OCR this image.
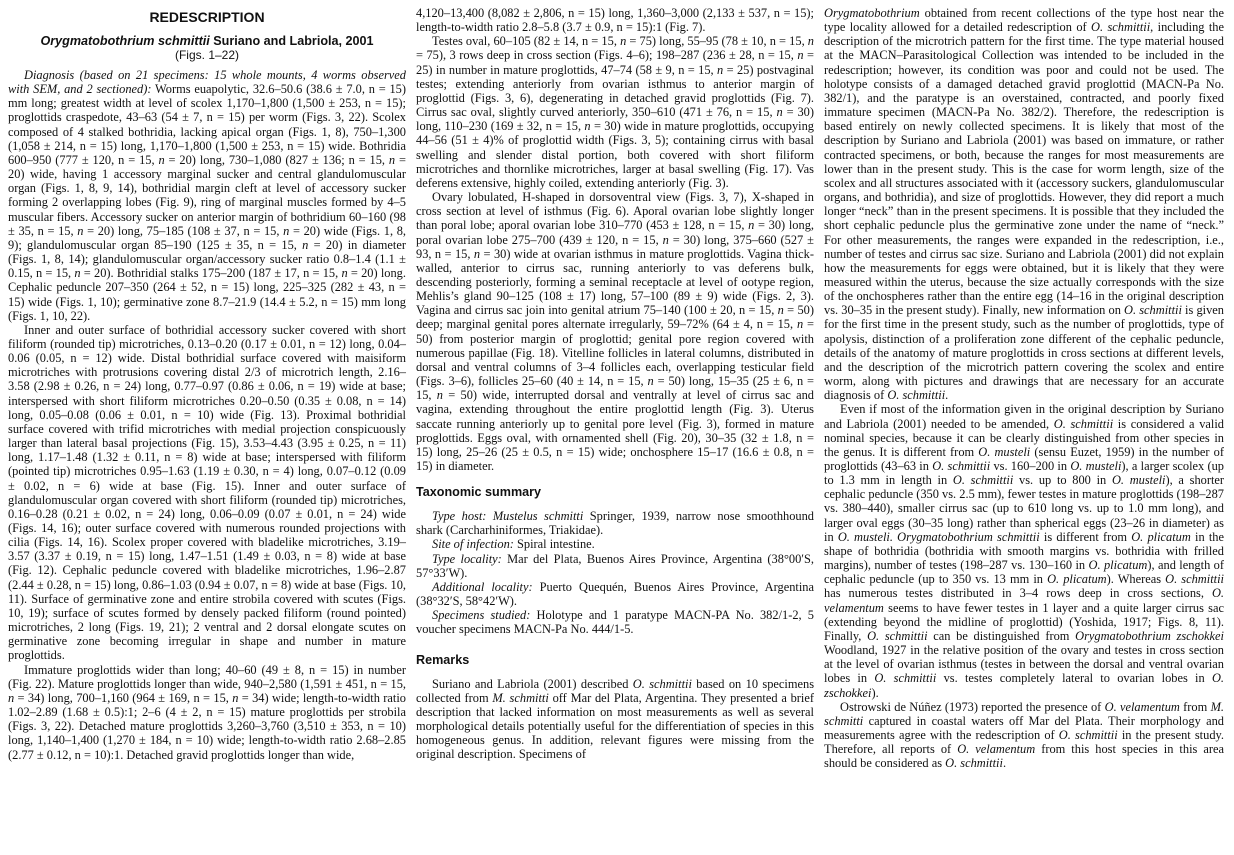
REDESCRIPTION
Orygmatobothrium schmittii Suriano and Labriola, 2001
(Figs. 1–22)

Diagnosis (based on 21 specimens: 15 whole mounts, 4 worms observed with SEM, and 2 sectioned): Worms euapolytic, 32.6–50.6 (38.6 ± 7.0, n = 15) mm long; greatest width at level of scolex 1,170–1,800 (1,500 ± 253, n = 15); proglottids craspedote, 43–63 (54 ± 7, n = 15) per worm (Figs. 3, 22). Scolex composed of 4 stalked bothridia, lacking apical organ (Figs. 1, 8), 750–1,300 (1,058 ± 214, n = 15) long, 1,170–1,800 (1,500 ± 253, n = 15) wide. Bothridia 600–950 (777 ± 120, n = 15, n = 20) long, 730–1,080 (827 ± 136; n = 15, n = 20) wide, having 1 accessory marginal sucker and central glandulomuscular organ (Figs. 1, 8, 9, 14), bothridial margin cleft at level of accessory sucker forming 2 overlapping lobes (Fig. 9), ring of marginal muscles formed by 4–5 muscular fibers. Accessory sucker on anterior margin of bothridium 60–160 (98 ± 35, n = 15, n = 20) long, 75–185 (108 ± 37, n = 15, n = 20) wide (Figs. 1, 8, 9); glandulomuscular organ 85–190 (125 ± 35, n = 15, n = 20) in diameter (Figs. 1, 8, 14); glandulomuscular organ/accessory sucker ratio 0.8–1.4 (1.1 ± 0.15, n = 15, n = 20). Bothridial stalks 175–200 (187 ± 17, n = 15, n = 20) long. Cephalic peduncle 207–350 (264 ± 52, n = 15) long, 225–325 (282 ± 43, n = 15) wide (Figs. 1, 10); germinative zone 8.7–21.9 (14.4 ± 5.2, n = 15) mm long (Figs. 1, 10, 22).

Inner and outer surface of bothridial accessory sucker covered with short filiform (rounded tip) microtriches, 0.13–0.20 (0.17 ± 0.01, n = 12) long, 0.04–0.06 (0.05, n = 12) wide. Distal bothridial surface covered with maisiform microtriches with protrusions covering distal 2/3 of microtrich length, 2.16–3.58 (2.98 ± 0.26, n = 24) long, 0.77–0.97 (0.86 ± 0.06, n = 19) wide at base; interspersed with short filiform microtriches 0.20–0.50 (0.35 ± 0.08, n = 14) long, 0.05–0.08 (0.06 ± 0.01, n = 10) wide (Fig. 13). Proximal bothridial surface covered with trifid microtriches with medial projection conspicuously larger than lateral basal projections (Fig. 15), 3.53–4.43 (3.95 ± 0.25, n = 11) long, 1.17–1.48 (1.32 ± 0.11, n = 8) wide at base; interspersed with filiform (pointed tip) microtriches 0.95–1.63 (1.19 ± 0.30, n = 4) long, 0.07–0.12 (0.09 ± 0.02, n = 6) wide at base (Fig. 15). Inner and outer surface of glandulomuscular organ covered with short filiform (rounded tip) microtriches, 0.16–0.28 (0.21 ± 0.02, n = 24) long, 0.06–0.09 (0.07 ± 0.01, n = 24) wide (Figs. 14, 16); outer surface covered with numerous rounded projections with cilia (Figs. 14, 16). Scolex proper covered with bladelike microtriches, 3.19–3.57 (3.37 ± 0.19, n = 15) long, 1.47–1.51 (1.49 ± 0.03, n = 8) wide at base (Fig. 12). Cephalic peduncle covered with bladelike microtriches, 1.96–2.87 (2.44 ± 0.28, n = 15) long, 0.86–1.03 (0.94 ± 0.07, n = 8) wide at base (Figs. 10, 11). Surface of germinative zone and entire strobila covered with scutes (Figs. 10, 19); surface of scutes formed by densely packed filiform (round pointed) microtriches, 2 long (Figs. 19, 21); 2 ventral and 2 dorsal elongate scutes on germinative zone becoming irregular in shape and number in mature proglottids.

Immature proglottids wider than long; 40–60 (49 ± 8, n = 15) in number (Fig. 22). Mature proglottids longer than wide, 940–2,580 (1,591 ± 451, n = 15, n = 34) long, 700–1,160 (964 ± 169, n = 15, n = 34) wide; length-to-width ratio 1.02–2.89 (1.68 ± 0.5):1; 2–6 (4 ± 2, n = 15) mature proglottids per strobila (Figs. 3, 22). Detached mature proglottids 3,260–3,760 (3,510 ± 353, n = 10) long, 1,140–1,400 (1,270 ± 184, n = 10) wide; length-to-width ratio 2.68–2.85 (2.77 ± 0.12, n = 10):1. Detached gravid proglottids longer than wide,

4,120–13,400 (8,082 ± 2,806, n = 15) long, 1,360–3,000 (2,133 ± 537, n = 15); length-to-width ratio 2.8–5.8 (3.7 ± 0.9, n = 15):1 (Fig. 7).

Testes oval, 60–105 (82 ± 14, n = 15, n = 75) long, 55–95 (78 ± 10, n = 15, n = 75), 3 rows deep in cross section (Figs. 4–6); 198–287 (236 ± 28, n = 15, n = 25) in number in mature proglottids, 47–74 (58 ± 9, n = 15, n = 25) postvaginal testes; extending anteriorly from ovarian isthmus to anterior margin of proglottid (Figs. 3, 6), degenerating in detached gravid proglottids (Fig. 7). Cirrus sac oval, slightly curved anteriorly, 350–610 (471 ± 76, n = 15, n = 30) long, 110–230 (169 ± 32, n = 15, n = 30) wide in mature proglottids, occupying 44–56 (51 ± 4)% of proglottid width (Figs. 3, 5); containing cirrus with basal swelling and slender distal portion, both covered with short filiform microtriches and thornlike microtriches, larger at basal swelling (Fig. 17). Vas deferens extensive, highly coiled, extending anteriorly (Fig. 3).

Ovary lobulated, H-shaped in dorsoventral view (Figs. 3, 7), X-shaped in cross section at level of isthmus (Fig. 6). Aporal ovarian lobe slightly longer than poral lobe; aporal ovarian lobe 310–770 (453 ± 128, n = 15, n = 30) long, poral ovarian lobe 275–700 (439 ± 120, n = 15, n = 30) long, 375–660 (527 ± 93, n = 15, n = 30) wide at ovarian isthmus in mature proglottids. Vagina thick-walled, anterior to cirrus sac, running anteriorly to vas deferens bulk, descending posteriorly, forming a seminal receptacle at level of ootype region, Mehlis’s gland 90–125 (108 ± 17) long, 57–100 (89 ± 9) wide (Figs. 2, 3). Vagina and cirrus sac join into genital atrium 75–140 (100 ± 20, n = 15, n = 50) deep; marginal genital pores alternate irregularly, 59–72% (64 ± 4, n = 15, n = 50) from posterior margin of proglottid; genital pore region covered with numerous papillae (Fig. 18). Vitelline follicles in lateral columns, distributed in dorsal and ventral columns of 3–4 follicles each, overlapping testicular field (Figs. 3–6), follicles 25–60 (40 ± 14, n = 15, n = 50) long, 15–35 (25 ± 6, n = 15, n = 50) wide, interrupted dorsal and ventrally at level of cirrus sac and vagina, extending throughout the entire proglottid length (Fig. 3). Uterus saccate running anteriorly up to genital pore level (Fig. 3), formed in mature proglottids. Eggs oval, with ornamented shell (Fig. 20), 30–35 (32 ± 1.8, n = 15) long, 25–26 (25 ± 0.5, n = 15) wide; onchosphere 15–17 (16.6 ± 0.8, n = 15) in diameter.

Taxonomic summary

Type host: Mustelus schmitti Springer, 1939, narrow nose smoothhound shark (Carcharhiniformes, Triakidae).

Site of infection: Spiral intestine.

Type locality: Mar del Plata, Buenos Aires Province, Argentina (38°00′S, 57°33′W).

Additional locality: Puerto Quequén, Buenos Aires Province, Argentina (38°32′S, 58°42′W).

Specimens studied: Holotype and 1 paratype MACN-PA No. 382/1-2, 5 voucher specimens MACN-Pa No. 444/1-5.

Remarks

Suriano and Labriola (2001) described O. schmittii based on 10 specimens collected from M. schmitti off Mar del Plata, Argentina. They presented a brief description that lacked information on most measurements as well as several morphological details potentially useful for the differentiation of species in this homogeneous genus. In addition, relevant figures were missing from the original description. Specimens of

Orygmatobothrium obtained from recent collections of the type host near the type locality allowed for a detailed redescription of O. schmittii, including the description of the microtrich pattern for the first time. The type material housed at the MACN–Parasitological Collection was intended to be included in the redescription; however, its condition was poor and could not be used. The holotype consists of a damaged detached gravid proglottid (MACN-Pa No. 382/1), and the paratype is an overstained, contracted, and poorly fixed immature specimen (MACN-Pa No. 382/2). Therefore, the redescription is based entirely on newly collected specimens. It is likely that most of the description by Suriano and Labriola (2001) was based on immature, or rather contracted specimens, or both, because the ranges for most measurements are lower than in the present study. This is the case for worm length, size of the scolex and all structures associated with it (accessory suckers, glandulomuscular organs, and bothridia), and size of proglottids. However, they did report a much longer “neck” than in the present specimens. It is possible that they included the short cephalic peduncle plus the germinative zone under the name of “neck.” For other measurements, the ranges were expanded in the redescription, i.e., number of testes and cirrus sac size. Suriano and Labriola (2001) did not explain how the measurements for eggs were obtained, but it is likely that they were measured within the uterus, because the size actually corresponds with the size of the onchospheres rather than the entire egg (14–16 in the original description vs. 30–35 in the present study). Finally, new information on O. schmittii is given for the first time in the present study, such as the number of proglottids, type of apolysis, distinction of a proliferation zone different of the cephalic peduncle, details of the anatomy of mature proglottids in cross sections at different levels, and the description of the microtrich pattern covering the scolex and entire worm, along with pictures and drawings that are necessary for an accurate diagnosis of O. schmittii.

Even if most of the information given in the original description by Suriano and Labriola (2001) needed to be amended, O. schmittii is considered a valid nominal species, because it can be clearly distinguished from other species in the genus. It is different from O. musteli (sensu Euzet, 1959) in the number of proglottids (43–63 in O. schmittii vs. 160–200 in O. musteli), a larger scolex (up to 1.3 mm in length in O. schmittii vs. up to 800 in O. musteli), a shorter cephalic peduncle (350 vs. 2.5 mm), fewer testes in mature proglottids (198–287 vs. 380–440), smaller cirrus sac (up to 610 long vs. up to 1.0 mm long), and larger oval eggs (30–35 long) rather than spherical eggs (23–26 in diameter) as in O. musteli. Orygmatobothrium schmittii is different from O. plicatum in the shape of bothridia (bothridia with smooth margins vs. bothridia with frilled margins), number of testes (198–287 vs. 130–160 in O. plicatum), and length of cephalic peduncle (up to 350 vs. 13 mm in O. plicatum). Whereas O. schmittii has numerous testes distributed in 3–4 rows deep in cross sections, O. velamentum seems to have fewer testes in 1 layer and a quite larger cirrus sac (extending beyond the midline of proglottid) (Yoshida, 1917; Figs. 8, 11). Finally, O. schmittii can be distinguished from Orygmatobothrium zschokkei Woodland, 1927 in the relative position of the ovary and testes in cross section at the level of ovarian isthmus (testes in between the dorsal and ventral ovarian lobes in O. schmittii vs. testes completely lateral to ovarian lobes in O. zschokkei).

Ostrowski de Núñez (1973) reported the presence of O. velamentum from M. schmitti captured in coastal waters off Mar del Plata. Their morphology and measurements agree with the redescription of O. schmittii in the present study. Therefore, all reports of O. velamentum from this host species in this area should be considered as O. schmittii.
